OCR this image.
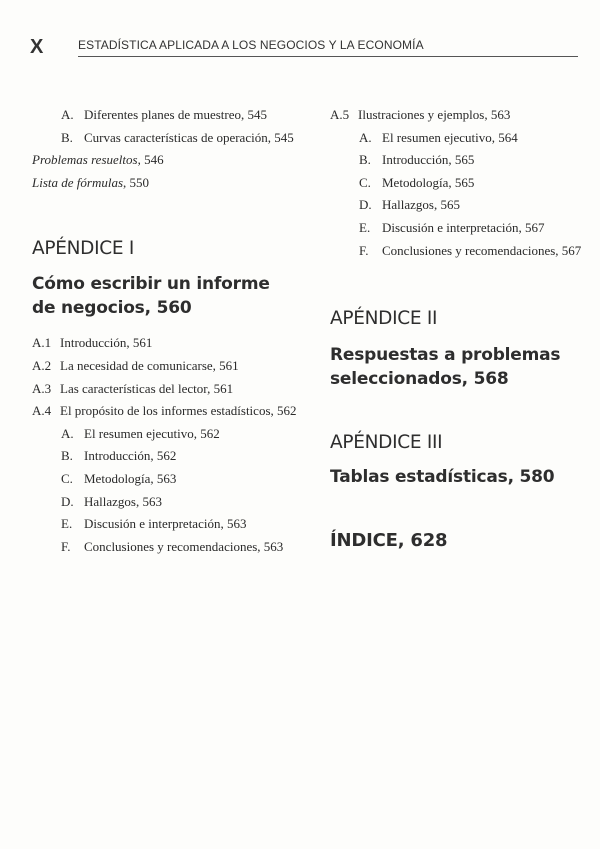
X	ESTADÍSTICA APLICADA A LOS NEGOCIOS Y LA ECONOMÍA
A. Diferentes planes de muestreo, 545
B. Curvas características de operación, 545
Problemas resueltos, 546
Lista de fórmulas, 550
APÉNDICE I
Cómo escribir un informe
de negocios, 560
A.1 Introducción, 561
A.2 La necesidad de comunicarse, 561
A.3 Las características del lector, 561
A.4 El propósito de los informes estadísticos, 562
A. El resumen ejecutivo, 562
B. Introducción, 562
C. Metodología, 563
D. Hallazgos, 563
E. Discusión e interpretación, 563
F. Conclusiones y recomendaciones, 563
A.5 Ilustraciones y ejemplos, 563
A. El resumen ejecutivo, 564
B. Introducción, 565
C. Metodología, 565
D. Hallazgos, 565
E. Discusión e interpretación, 567
F. Conclusiones y recomendaciones, 567
APÉNDICE II
Respuestas a problemas
seleccionados, 568
APÉNDICE III
Tablas estadísticas, 580
ÍNDICE, 628
